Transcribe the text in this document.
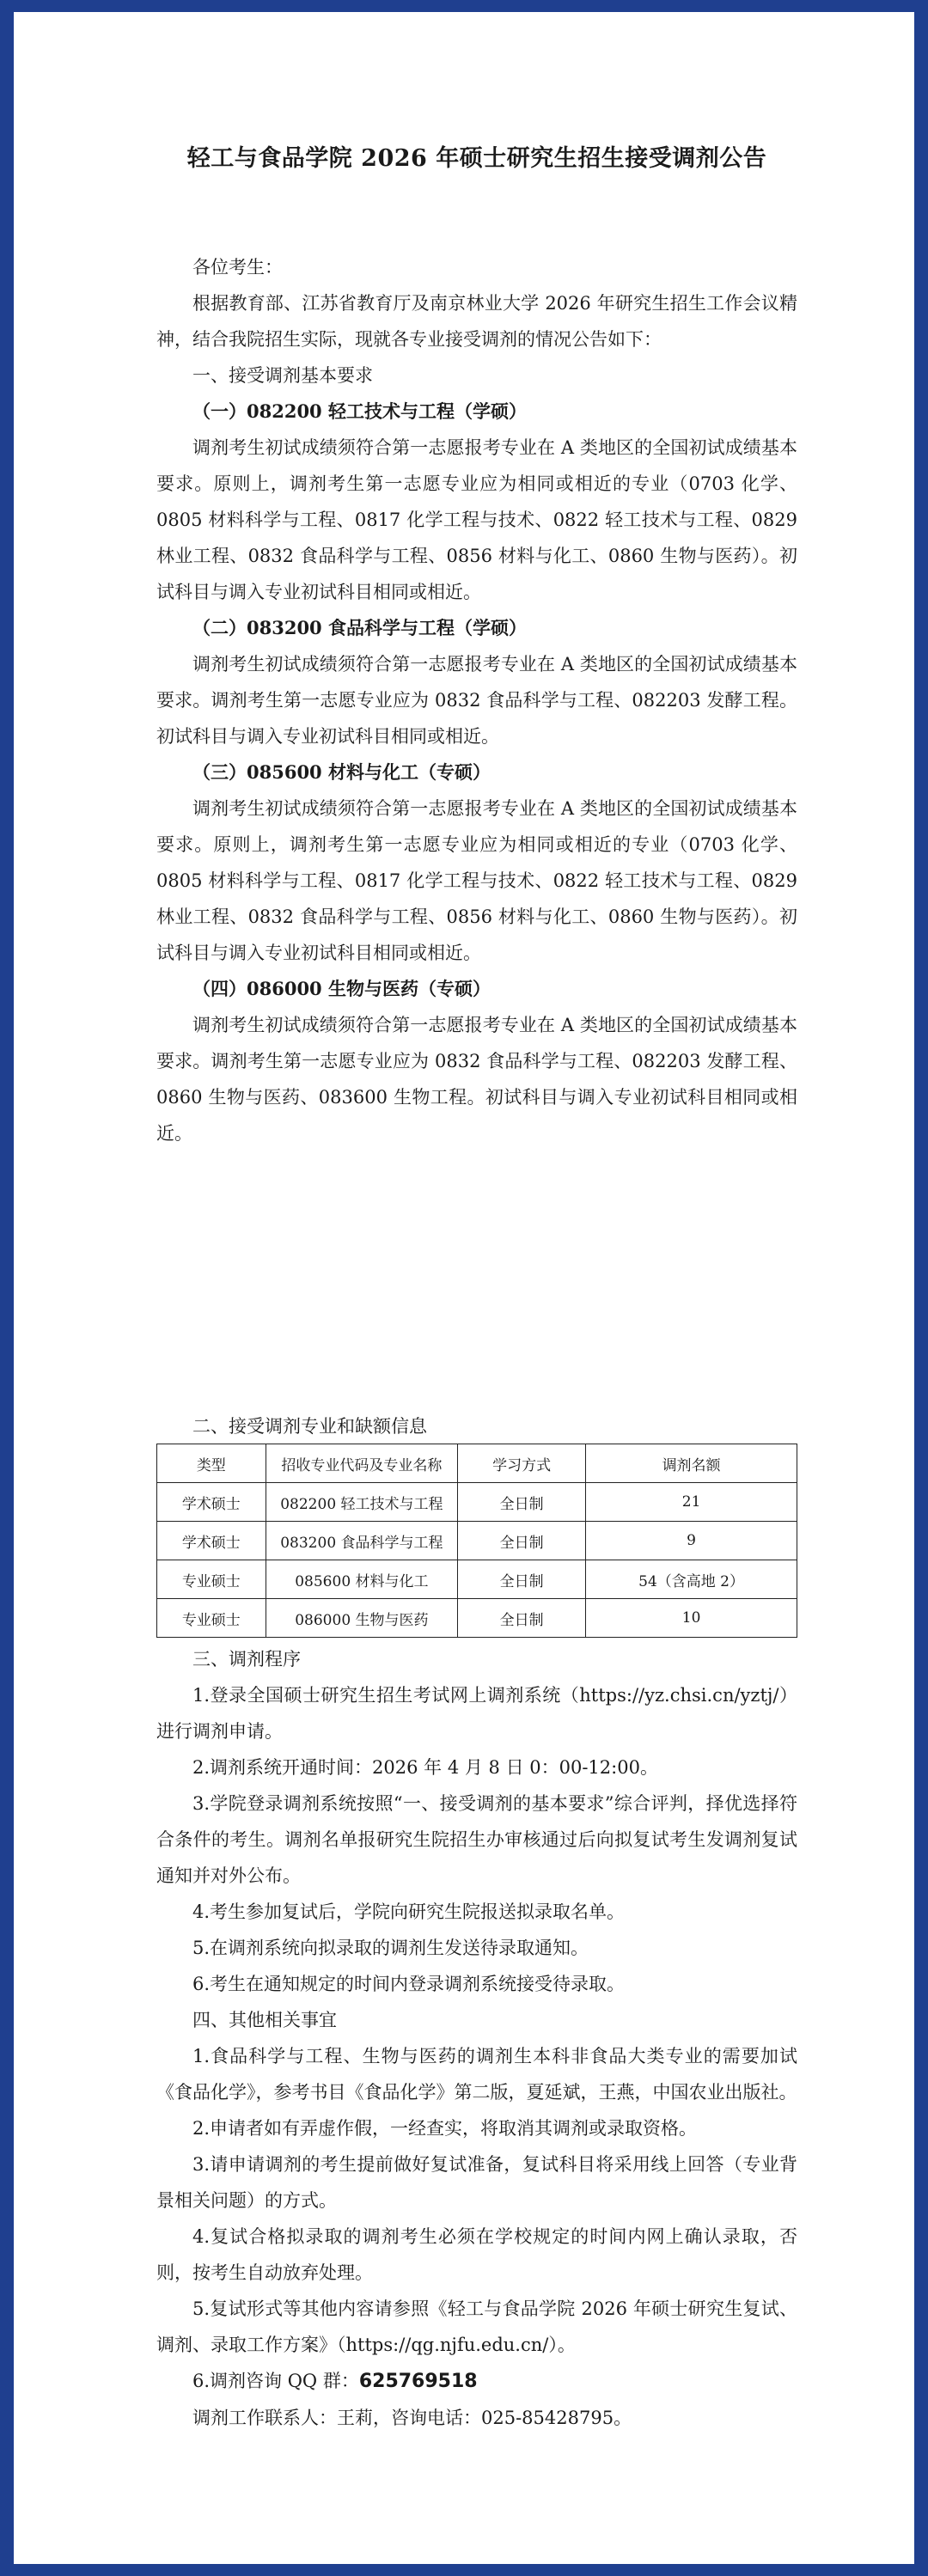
轻工与食品学院 2026 年硕士研究生招生接受调剂公告
各位考生：
根据教育部、江苏省教育厅及南京林业大学 2026 年研究生招生工作会议精神，结合我院招生实际，现就各专业接受调剂的情况公告如下：
一、接受调剂基本要求
（一）082200 轻工技术与工程（学硕）
调剂考生初试成绩须符合第一志愿报考专业在 A 类地区的全国初试成绩基本要求。原则上，调剂考生第一志愿专业应为相同或相近的专业（0703 化学、0805 材料科学与工程、0817 化学工程与技术、0822 轻工技术与工程、0829 林业工程、0832 食品科学与工程、0856 材料与化工、0860 生物与医药）。初试科目与调入专业初试科目相同或相近。
（二）083200 食品科学与工程（学硕）
调剂考生初试成绩须符合第一志愿报考专业在 A 类地区的全国初试成绩基本要求。调剂考生第一志愿专业应为 0832 食品科学与工程、082203 发酵工程。初试科目与调入专业初试科目相同或相近。
（三）085600 材料与化工（专硕）
调剂考生初试成绩须符合第一志愿报考专业在 A 类地区的全国初试成绩基本要求。原则上，调剂考生第一志愿专业应为相同或相近的专业（0703 化学、0805 材料科学与工程、0817 化学工程与技术、0822 轻工技术与工程、0829 林业工程、0832 食品科学与工程、0856 材料与化工、0860 生物与医药）。初试科目与调入专业初试科目相同或相近。
（四）086000 生物与医药（专硕）
调剂考生初试成绩须符合第一志愿报考专业在 A 类地区的全国初试成绩基本要求。调剂考生第一志愿专业应为 0832 食品科学与工程、082203 发酵工程、0860 生物与医药、083600 生物工程。初试科目与调入专业初试科目相同或相近。
二、接受调剂专业和缺额信息
类型	招收专业代码及专业名称	学习方式	调剂名额
学术硕士	082200 轻工技术与工程	全日制	21
学术硕士	083200 食品科学与工程	全日制	9
专业硕士	085600 材料与化工	全日制	54（含高地 2）
专业硕士	086000 生物与医药	全日制	10
三、调剂程序
1.登录全国硕士研究生招生考试网上调剂系统（https://yz.chsi.cn/yztj/）进行调剂申请。
2.调剂系统开通时间：2026 年 4 月 8 日 0：00-12:00。
3.学院登录调剂系统按照“一、接受调剂的基本要求”综合评判，择优选择符合条件的考生。调剂名单报研究生院招生办审核通过后向拟复试考生发调剂复试通知并对外公布。
4.考生参加复试后，学院向研究生院报送拟录取名单。
5.在调剂系统向拟录取的调剂生发送待录取通知。
6.考生在通知规定的时间内登录调剂系统接受待录取。
四、其他相关事宜
1.食品科学与工程、生物与医药的调剂生本科非食品大类专业的需要加试《食品化学》，参考书目《食品化学》第二版，夏延斌，王燕，中国农业出版社。
2.申请者如有弄虚作假，一经查实，将取消其调剂或录取资格。
3.请申请调剂的考生提前做好复试准备，复试科目将采用线上回答（专业背景相关问题）的方式。
4.复试合格拟录取的调剂考生必须在学校规定的时间内网上确认录取，否则，按考生自动放弃处理。
5.复试形式等其他内容请参照《轻工与食品学院 2026 年硕士研究生复试、调剂、录取工作方案》（https://qg.njfu.edu.cn/）。
6.调剂咨询 QQ 群：625769518
调剂工作联系人：王莉，咨询电话：025-85428795。
